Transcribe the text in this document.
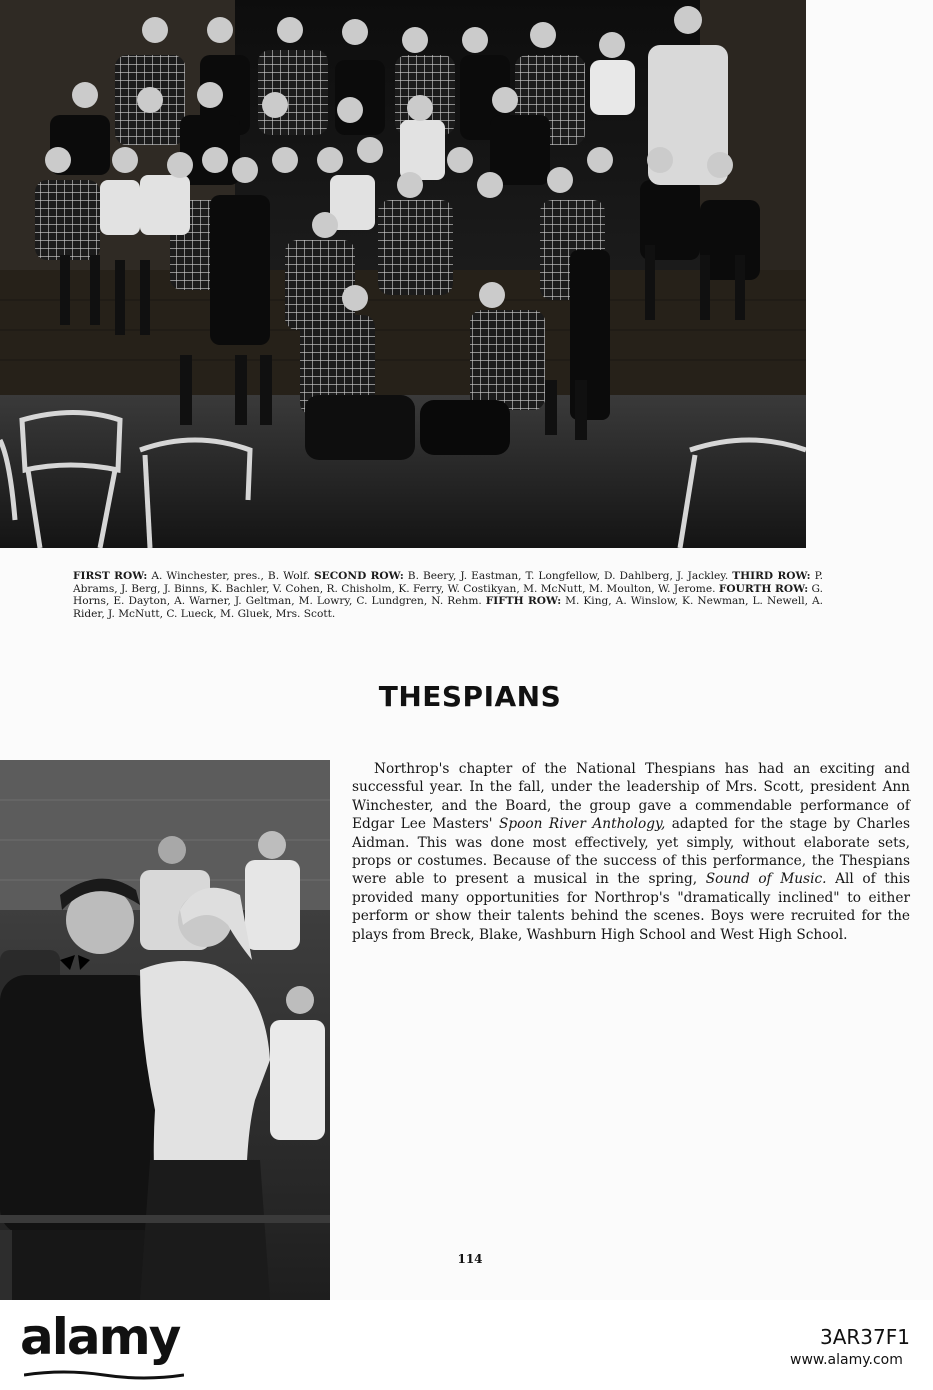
FIRST ROW: A. Winchester, pres., B. Wolf. SECOND ROW: B. Beery, J. Eastman, T. Longfellow, D. Dahlberg, J. Jackley. THIRD ROW: P. Abrams, J. Berg, J. Binns, K. Bachler, V. Cohen, R. Chisholm, K. Ferry, W. Costikyan, M. McNutt, M. Moulton, W. Jerome. FOURTH ROW: G. Horns, E. Dayton, A. Warner, J. Geltman, M. Lowry, C. Lundgren, N. Rehm. FIFTH ROW: M. King, A. Winslow, K. Newman, L. Newell, A. Rider, J. McNutt, C. Lueck, M. Gluek, Mrs. Scott.
THESPIANS
Northrop's chapter of the National Thespians has had an exciting and successful year. In the fall, under the leadership of Mrs. Scott, president Ann Winchester, and the Board, the group gave a commendable performance of Edgar Lee Masters' Spoon River Anthology, adapted for the stage by Charles Aidman. This was done most effectively, yet simply, without elaborate sets, props or costumes. Because of the success of this performance, the Thespians were able to present a musical in the spring, Sound of Music. All of this provided many opportunities for Northrop's "dramatically inclined" to either perform or show their talents behind the scenes. Boys were recruited for the plays from Breck, Blake, Washburn High School and West High School.
114
alamy	3AR37F1
www.alamy.com
